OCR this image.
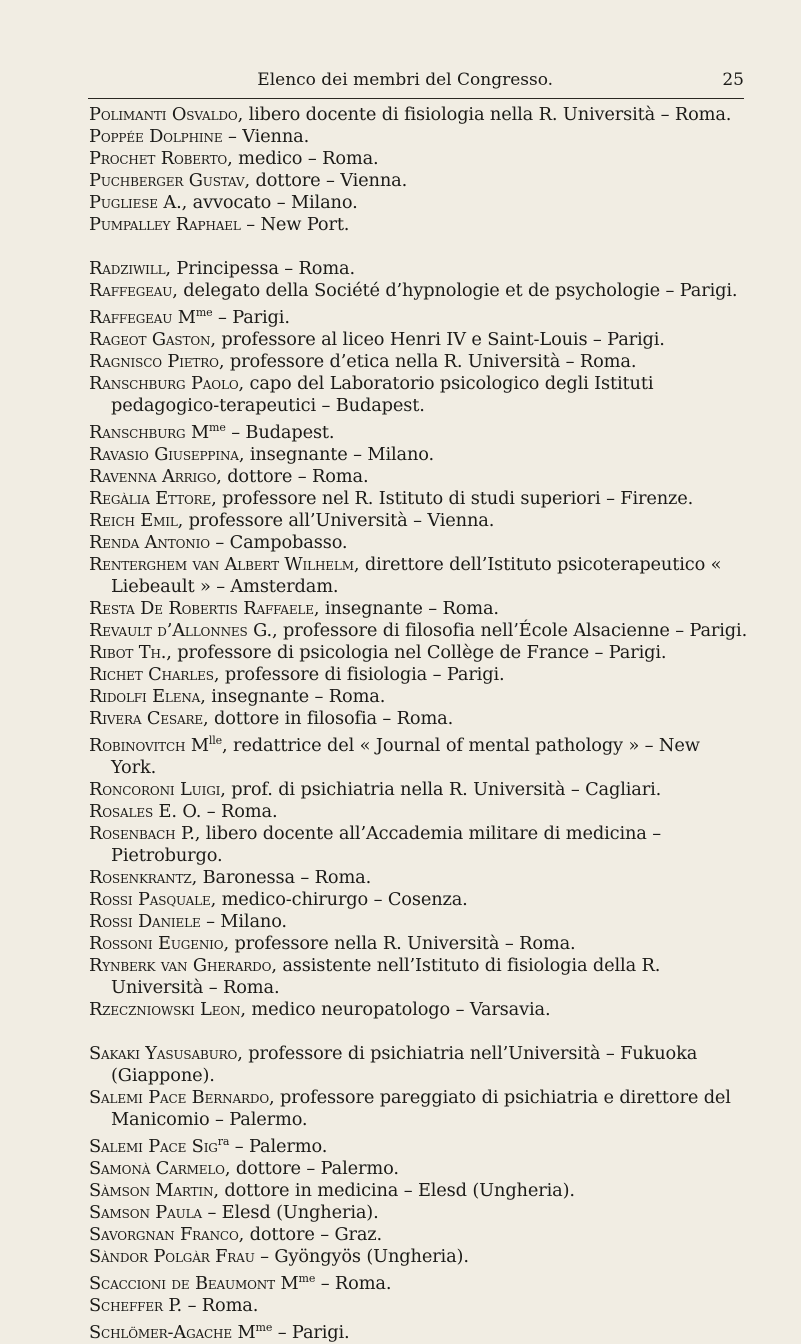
Elenco dei membri del Congresso.	25
Polimanti Osvaldo, libero docente di fisiologia nella R. Università – Roma.
Poppée Dolphine – Vienna.
Prochet Roberto, medico – Roma.
Puchberger Gustav, dottore – Vienna.
Pugliese A., avvocato – Milano.
Pumpalley Raphael – New Port.
Radziwill, Principessa – Roma.
Raffegeau, delegato della Société d’hypnologie et de psychologie – Parigi.
Raffegeau $M^{me}$ – Parigi.
Rageot Gaston, professore al liceo Henri IV e Saint-Louis – Parigi.
Ragnisco Pietro, professore d’etica nella R. Università – Roma.
Ranschburg Paolo, capo del Laboratorio psicologico degli Istituti pedagogico-terapeutici – Budapest.
Ranschburg $M^{me}$ – Budapest.
Ravasio Giuseppina, insegnante – Milano.
Ravenna Arrigo, dottore – Roma.
Regàlia Ettore, professore nel R. Istituto di studi superiori – Firenze.
Reich Emil, professore all’Università – Vienna.
Renda Antonio – Campobasso.
Renterghem van Albert Wilhelm, direttore dell’Istituto psicoterapeutico « Liebeault » – Amsterdam.
Resta De Robertis Raffaele, insegnante – Roma.
Revault d’Allonnes G., professore di filosofia nell’École Alsacienne – Parigi.
Ribot Th., professore di psicologia nel Collège de France – Parigi.
Richet Charles, professore di fisiologia – Parigi.
Ridolfi Elena, insegnante – Roma.
Rivera Cesare, dottore in filosofia – Roma.
Robinovitch $M^{lle}$, redattrice del « Journal of mental pathology » – New York.
Roncoroni Luigi, prof. di psichiatria nella R. Università – Cagliari.
Rosales E. O. – Roma.
Rosenbach P., libero docente all’Accademia militare di medicina – Pietroburgo.
Rosenkrantz, Baronessa – Roma.
Rossi Pasquale, medico-chirurgo – Cosenza.
Rossi Daniele – Milano.
Rossoni Eugenio, professore nella R. Università – Roma.
Rynberk van Gherardo, assistente nell’Istituto di fisiologia della R. Università – Roma.
Rzeczniowski Leon, medico neuropatologo – Varsavia.
Sakaki Yasusaburo, professore di psichiatria nell’Università – Fukuoka (Giappone).
Salemi Pace Bernardo, professore pareggiato di psichiatria e direttore del Manicomio – Palermo.
Salemi Pace Sig$^{ra}$ – Palermo.
Samonà Carmelo, dottore – Palermo.
Sàmson Martin, dottore in medicina – Elesd (Ungheria).
Samson Paula – Elesd (Ungheria).
Savorgnan Franco, dottore – Graz.
Sàndor Polgàr Frau – Gyöngyös (Ungheria).
Scaccioni de Beaumont $M^{me}$ – Roma.
Scheffer P. – Roma.
Schlömer-Agache $M^{me}$ – Parigi.
